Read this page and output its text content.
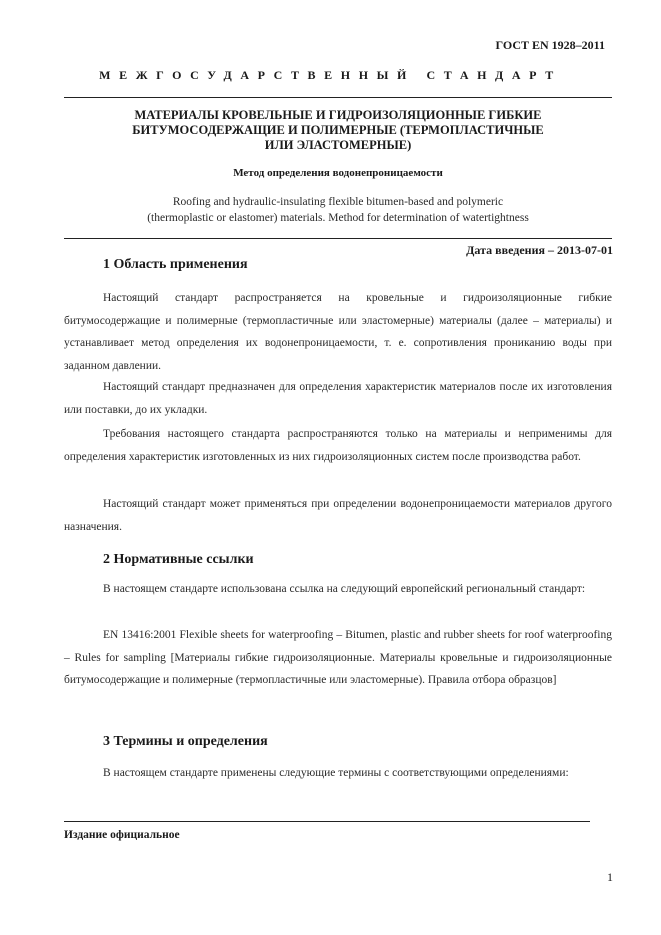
ГОСТ EN 1928–2011
МЕЖГОСУДАРСТВЕННЫЙ СТАНДАРТ
МАТЕРИАЛЫ КРОВЕЛЬНЫЕ И ГИДРОИЗОЛЯЦИОННЫЕ ГИБКИЕ
БИТУМОСОДЕРЖАЩИЕ И ПОЛИМЕРНЫЕ (ТЕРМОПЛАСТИЧНЫЕ
ИЛИ ЭЛАСТОМЕРНЫЕ)
Метод определения водонепроницаемости
Roofing and hydraulic-insulating flexible bitumen-based and polymeric
(thermoplastic or elastomer) materials. Method for determination of watertightness
Дата введения – 2013-07-01
1 Область применения
Настоящий стандарт распространяется на кровельные и гидроизоляционные гибкие битумосодержащие и полимерные (термопластичные или эластомерные) материалы (далее – материалы) и устанавливает метод определения их водонепроницаемости, т. е. сопротивления прониканию воды при заданном давлении.
Настоящий стандарт предназначен для определения характеристик материалов после их изготовления или поставки, до их укладки.
Требования настоящего стандарта распространяются только на материалы и неприменимы для определения характеристик изготовленных из них гидроизоляционных систем после производства работ.
Настоящий стандарт может применяться при определении водонепроницаемости материалов другого назначения.
2 Нормативные ссылки
В настоящем стандарте использована ссылка на следующий европейский региональный стандарт:
EN 13416:2001 Flexible sheets for waterproofing – Bitumen, plastic and rubber sheets for roof waterproofing – Rules for sampling [Материалы гибкие гидроизоляционные. Материалы кровельные и гидроизоляционные битумосодержащие и полимерные (термопластичные или эластомерные). Правила отбора образцов]
3 Термины и определения
В настоящем стандарте применены следующие термины с соответствующими определениями:
Издание официальное
1
